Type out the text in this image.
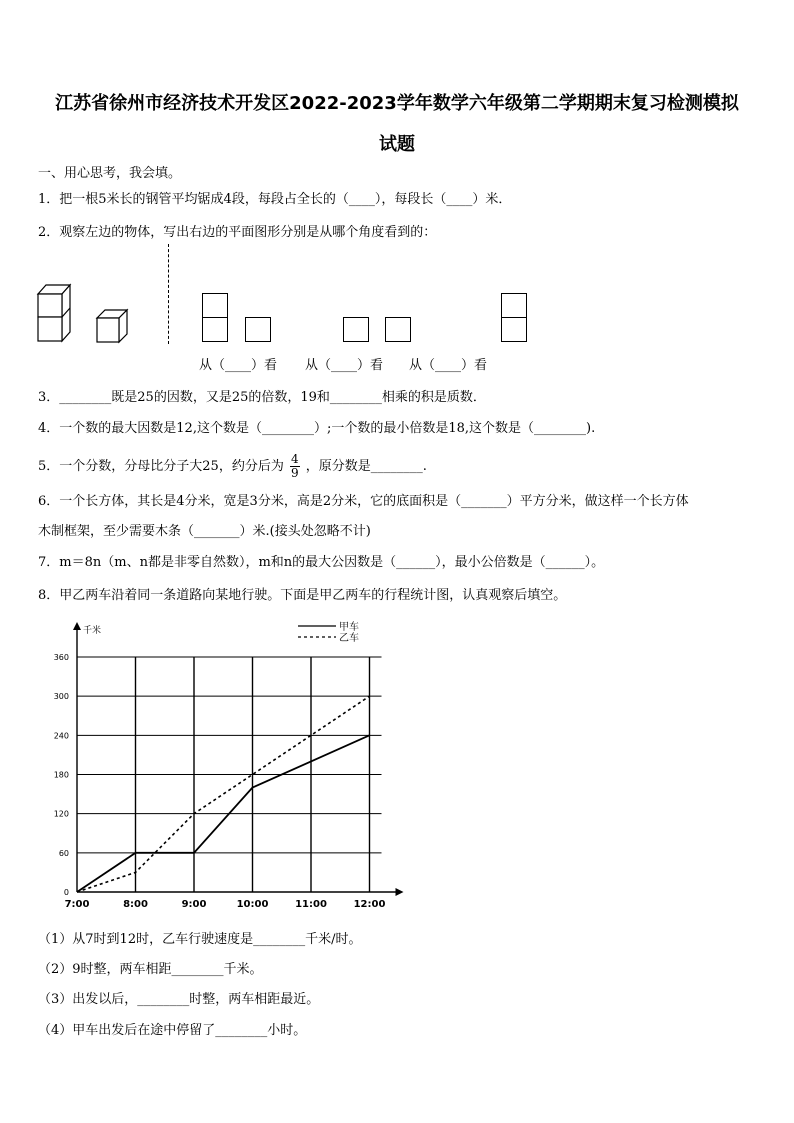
江苏省徐州市经济技术开发区2022-2023学年数学六年级第二学期期末复习检测模拟
试题
一、用心思考，我会填。
1．把一根5米长的钢管平均锯成4段，每段占全长的（____），每段长（____）米．
2．观察左边的物体，写出右边的平面图形分别是从哪个角度看到的：
从（____）看 从（____）看 从（____）看
3．________既是25的因数，又是25的倍数，19和________相乘的积是质数．
4．一个数的最大因数是12,这个数是（________）;一个数的最小倍数是18,这个数是（________).
5．一个分数，分母比分子大25，约分后为 $\frac{4}{9}$ ，原分数是________.
6．一个长方体，其长是4分米，宽是3分米，高是2分米，它的底面积是（_______）平方分米，做这样一个长方体
木制框架，至少需要木条（_______）米.(接头处忽略不计)
7．m＝8n（m、n都是非零自然数），m和n的最大公因数是（______），最小公倍数是（______）。
8．甲乙两车沿着同一条道路向某地行驶。下面是甲乙两车的行程统计图，认真观察后填空。
千米
0
60
120
180
240
300
360
7:00	8:00	9:00	10:00	11:00	12:00
甲车
乙车
（1）从7时到12时，乙车行驶速度是________千米/时。
（2）9时整，两车相距________千米。
（3）出发以后，________时整，两车相距最近。
（4）甲车出发后在途中停留了________小时。
